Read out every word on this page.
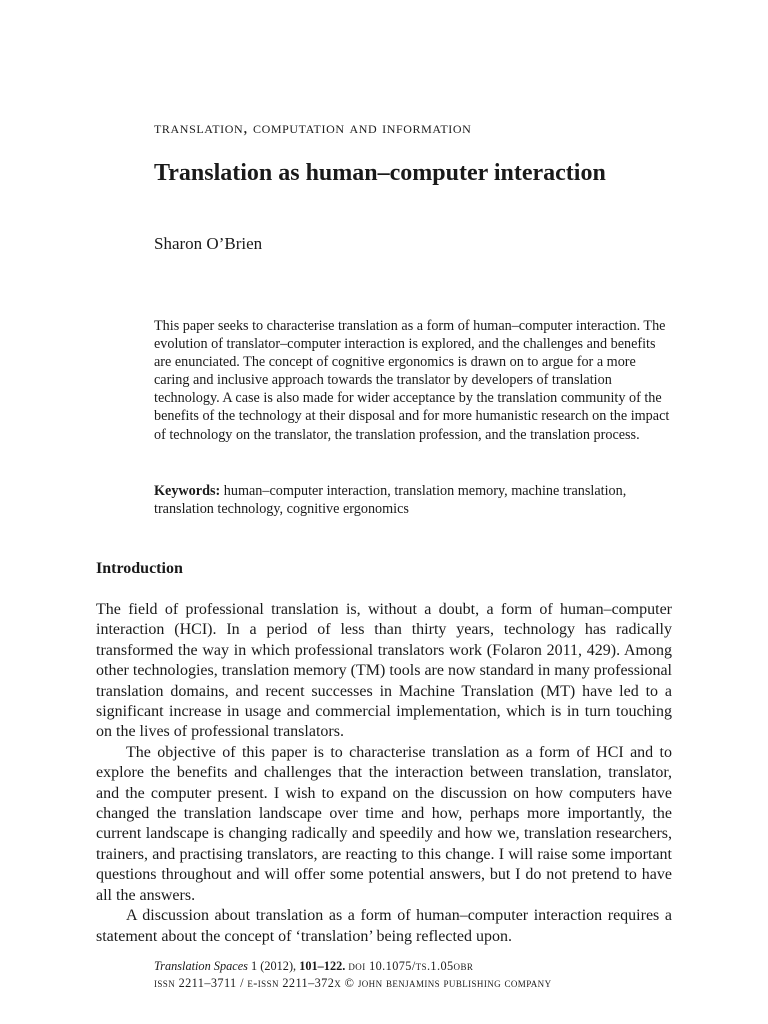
translation, computation and information
Translation as human–computer interaction
Sharon O’Brien

This paper seeks to characterise translation as a form of human–computer interaction. The evolution of translator–computer interaction is explored, and the challenges and benefits are enunciated. The concept of cognitive ergonomics is drawn on to argue for a more caring and inclusive approach towards the translator by developers of translation technology. A case is also made for wider acceptance by the translation community of the benefits of the technology at their disposal and for more humanistic research on the impact of technology on the translator, the translation profession, and the translation process.

Keywords: human–computer interaction, translation memory, machine translation, translation technology, cognitive ergonomics

Introduction

The field of professional translation is, without a doubt, a form of human–computer interaction (HCI). In a period of less than thirty years, technology has radically transformed the way in which professional translators work (Folaron 2011, 429). Among other technologies, translation memory (TM) tools are now standard in many professional translation domains, and recent successes in Machine Translation (MT) have led to a significant increase in usage and commercial implementation, which is in turn touching on the lives of professional translators.

The objective of this paper is to characterise translation as a form of HCI and to explore the benefits and challenges that the interaction between translation, translator, and the computer present. I wish to expand on the discussion on how computers have changed the translation landscape over time and how, perhaps more importantly, the current landscape is changing radically and speedily and how we, translation researchers, trainers, and practising translators, are reacting to this change. I will raise some important questions throughout and will offer some potential answers, but I do not pretend to have all the answers.

A discussion about translation as a form of human–computer interaction requires a statement about the concept of ‘translation’ being reflected upon.

Translation Spaces 1 (2012), 101–122. doi 10.1075/ts.1.05obr
issn 2211–3711 / e-issn 2211–372x © john benjamins publishing company
